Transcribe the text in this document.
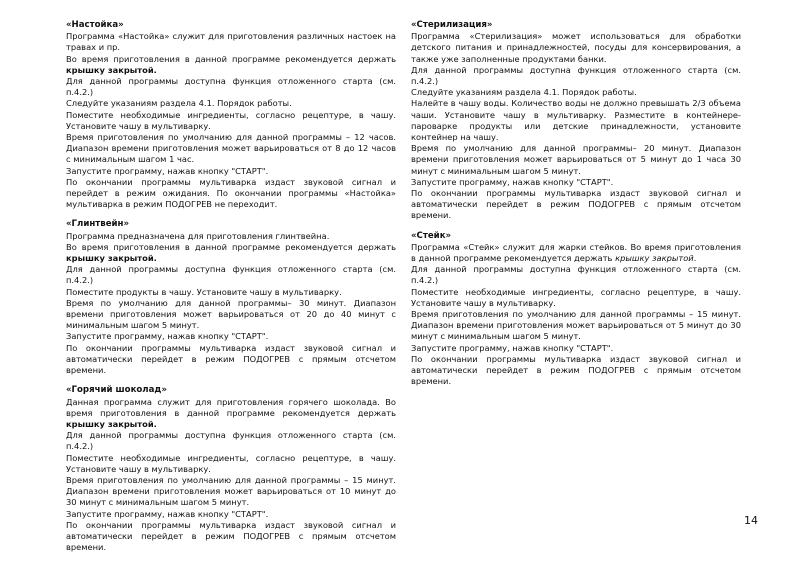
«Настойка»
Программа «Настойка» служит для приготовления различных настоек на травах и пр.
Во время приготовления в данной программе рекомендуется держать крышку закрытой.
Для данной программы доступна функция отложенного старта (см. п.4.2.)
Следуйте указаниям раздела 4.1. Порядок работы.
Поместите необходимые ингредиенты, согласно рецептуре, в чашу. Установите чашу в мультиварку.
Время приготовления по умолчанию для данной программы – 12 часов. Диапазон времени приготовления может варьироваться от 8 до 12 часов с минимальным шагом 1 час.
Запустите программу, нажав кнопку "СТАРТ".
По окончании программы мультиварка издаст звуковой сигнал и перейдет в режим ожидания. По окончании программы «Настойка» мультиварка в режим ПОДОГРЕВ не переходит.
«Глинтвейн»
Программа предназначена для приготовления глинтвейна.
Во время приготовления в данной программе рекомендуется держать крышку закрытой.
Для данной программы доступна функция отложенного старта (см. п.4.2.)
Поместите продукты в чашу. Установите чашу в мультиварку.
Время по умолчанию для данной программы– 30 минут. Диапазон времени приготовления может варьироваться от 20 до 40 минут с минимальным шагом 5 минут.
Запустите программу, нажав кнопку "СТАРТ".
По окончании программы мультиварка издаст звуковой сигнал и автоматически перейдет в режим ПОДОГРЕВ с прямым отсчетом времени.
«Горячий шоколад»
Данная программа служит для приготовления горячего шоколада. Во время приготовления в данной программе рекомендуется держать крышку закрытой.
Для данной программы доступна функция отложенного старта (см. п.4.2.)
Поместите необходимые ингредиенты, согласно рецептуре, в чашу. Установите чашу в мультиварку.
Время приготовления по умолчанию для данной программы – 15 минут. Диапазон времени приготовления может варьироваться от 10 минут до 30 минут с минимальным шагом 5 минут.
Запустите программу, нажав кнопку "СТАРТ".
По окончании программы мультиварка издаст звуковой сигнал и автоматически перейдет в режим ПОДОГРЕВ с прямым отсчетом времени.
«Стерилизация»
Программа «Стерилизация» может использоваться для обработки детского питания и принадлежностей, посуды для консервирования, а также уже заполненные продуктами банки.
Для данной программы доступна функция отложенного старта (см. п.4.2.)
Следуйте указаниям раздела 4.1. Порядок работы.
Налейте в чашу воды. Количество воды не должно превышать 2/3 объема чаши. Установите чашу в мультиварку. Разместите в контейнере-пароварке продукты или детские принадлежности, установите контейнер на чашу.
Время по умолчанию для данной программы– 20 минут. Диапазон времени приготовления может варьироваться от 5 минут до 1 часа 30 минут с минимальным шагом 5 минут.
Запустите программу, нажав кнопку "СТАРТ".
По окончании программы мультиварка издаст звуковой сигнал и автоматически перейдет в режим ПОДОГРЕВ с прямым отсчетом времени.
«Стейк»
Программа «Стейк» служит для жарки стейков. Во время приготовления в данной программе рекомендуется держать крышку закрытой.
Для данной программы доступна функция отложенного старта (см. п.4.2.)
Поместите необходимые ингредиенты, согласно рецептуре, в чашу. Установите чашу в мультиварку.
Время приготовления по умолчанию для данной программы – 15 минут. Диапазон времени приготовления может варьироваться от 5 минут до 30 минут с минимальным шагом 5 минут.
Запустите программу, нажав кнопку "СТАРТ".
По окончании программы мультиварка издаст звуковой сигнал и автоматически перейдет в режим ПОДОГРЕВ с прямым отсчетом времени.
14
